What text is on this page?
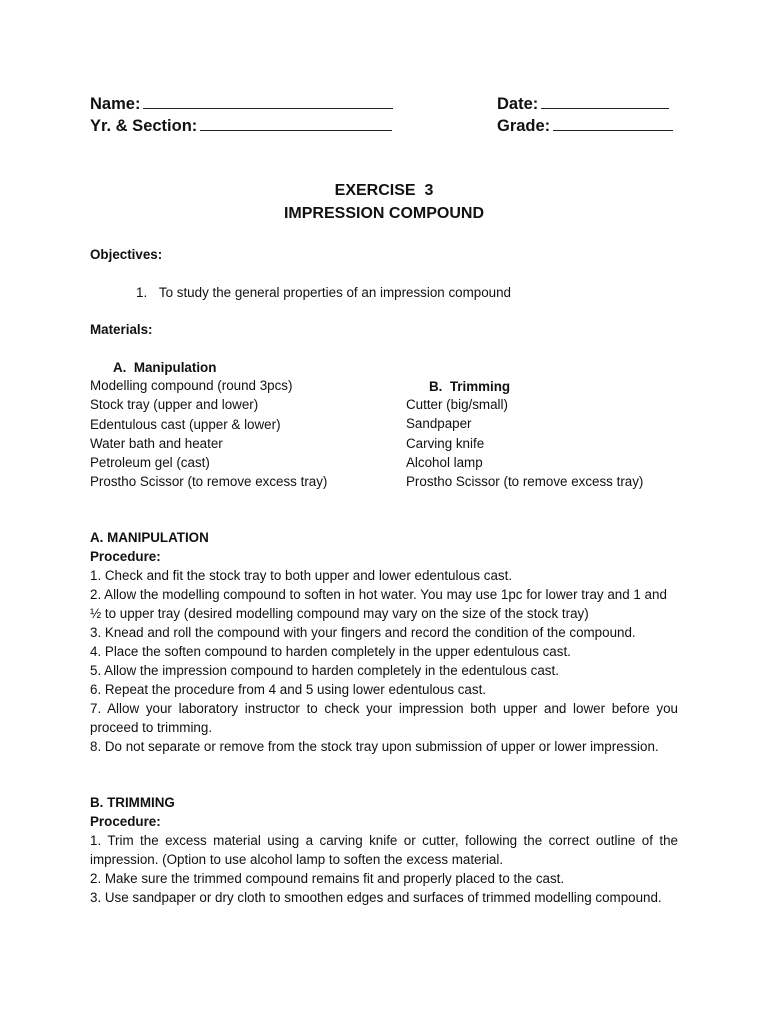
Name:	Date:
Yr. & Section:	Grade:
EXERCISE  3
IMPRESSION COMPOUND
Objectives:
1. To study the general properties of an impression compound
Materials:
A.  Manipulation
Modelling compound (round 3pcs)
Stock tray (upper and lower)
Edentulous cast (upper & lower)
Water bath and heater
Petroleum gel (cast)
Prostho Scissor (to remove excess tray)
B.  Trimming
Cutter (big/small)
Sandpaper
Carving knife
Alcohol lamp
Prostho Scissor (to remove excess tray)

A. MANIPULATION

Procedure:

1. Check and fit the stock tray to both upper and lower edentulous cast.

2. Allow the modelling compound to soften in hot water. You may use 1pc for lower tray and 1 and ½ to upper tray (desired modelling compound may vary on the size of the stock tray)

3. Knead and roll the compound with your fingers and record the condition of the compound.

4. Place the soften compound to harden completely in the upper edentulous cast.

5. Allow the impression compound to harden completely in the edentulous cast.

6. Repeat the procedure from 4 and 5 using lower edentulous cast.

7. Allow your laboratory instructor to check your impression both upper and lower before you proceed to trimming.

8. Do not separate or remove from the stock tray upon submission of upper or lower impression.

B. TRIMMING

Procedure:

1. Trim the excess material using a carving knife or cutter, following the correct outline of the impression. (Option to use alcohol lamp to soften the excess material.

2. Make sure the trimmed compound remains fit and properly placed to the cast.

3. Use sandpaper or dry cloth to smoothen edges and surfaces of trimmed modelling compound.
